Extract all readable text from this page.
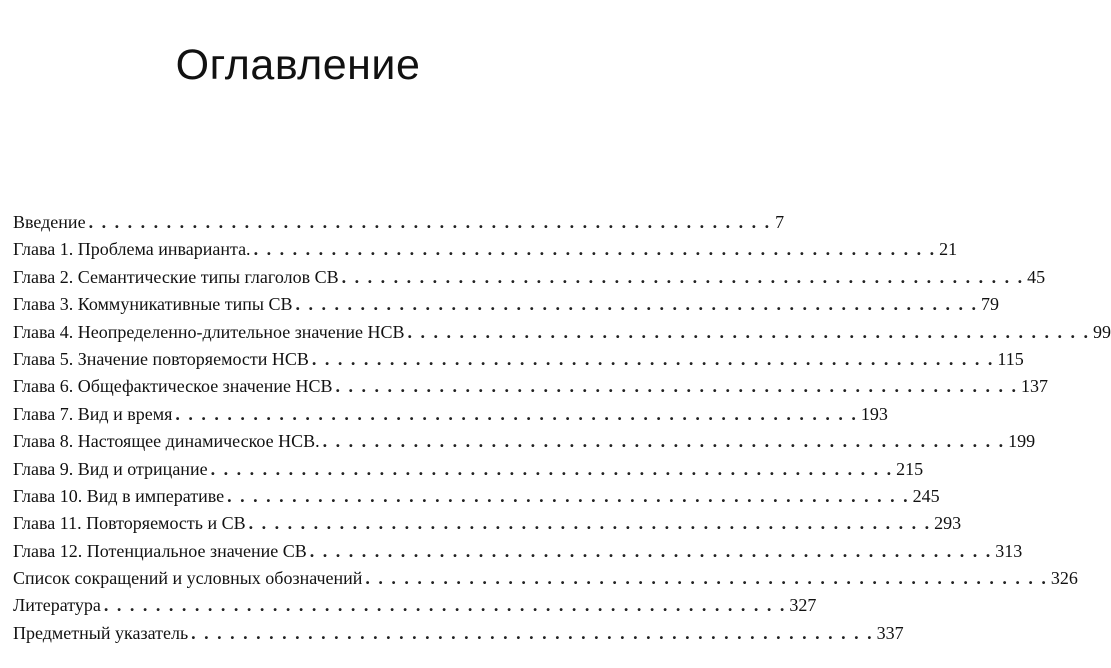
Оглавление
Введение . . .	7
Глава 1. Проблема инварианта. . . .	21
Глава 2. Семантические типы глаголов СВ . . .	45
Глава 3. Коммуникативные типы СВ . . .	79
Глава 4. Неопределенно-длительное значение НСВ . . .	99
Глава 5. Значение повторяемости НСВ . . .	115
Глава 6. Общефактическое значение НСВ . . .	137
Глава 7. Вид и время . . .	193
Глава 8. Настоящее динамическое НСВ. . . .	199
Глава 9. Вид и отрицание . . .	215
Глава 10. Вид в императиве . . .	245
Глава 11. Повторяемость и СВ . . .	293
Глава 12. Потенциальное значение СВ . . .	313
Список сокращений и условных обозначений . . .	326
Литература . . .	327
Предметный указатель . . .	337
